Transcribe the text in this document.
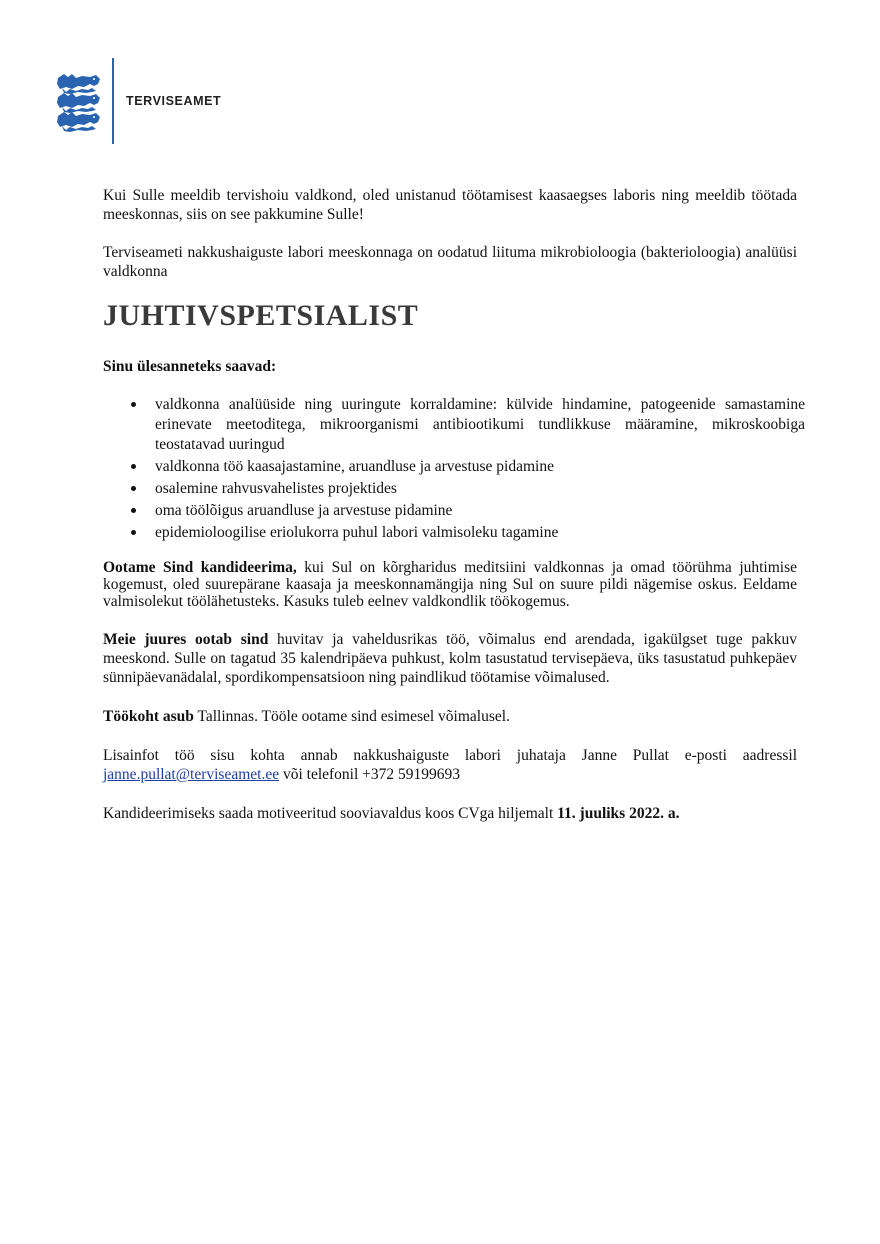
TERVISEAMET

Kui Sulle meeldib tervishoiu valdkond, oled unistanud töötamisest kaasaegses laboris ning meeldib töötada meeskonnas, siis on see pakkumine Sulle!

Terviseameti nakkushaiguste labori meeskonnaga on oodatud liituma mikrobioloogia (bakterioloogia) analüüsi valdkonna

JUHTIVSPETSIALIST

Sinu ülesanneteks saavad:

valdkonna analüüside ning uuringute korraldamine: külvide hindamine, patogeenide samastamine erinevate meetoditega, mikroorganismi antibiootikumi tundlikkuse määramine, mikroskoobiga teostatavad uuringud
valdkonna töö kaasajastamine, aruandluse ja arvestuse pidamine
osalemine rahvusvahelistes projektides
oma töölõigus aruandluse ja arvestuse pidamine
epidemioloogilise eriolukorra puhul labori valmisoleku tagamine

Ootame Sind kandideerima, kui Sul on kõrgharidus meditsiini valdkonnas ja omad töörühma juhtimise kogemust, oled suurepärane kaasaja ja meeskonnamängija ning Sul on suure pildi nägemise oskus. Eeldame valmisolekut töölähetusteks. Kasuks tuleb eelnev valdkondlik töökogemus.

Meie juures ootab sind huvitav ja vaheldusrikas töö, võimalus end arendada, igakülgset tuge pakkuv meeskond. Sulle on tagatud 35 kalendripäeva puhkust, kolm tasustatud tervisepäeva, üks tasustatud puhkepäev sünnipäevanädalal, spordikompensatsioon ning paindlikud töötamise võimalused.

Töökoht asub Tallinnas. Tööle ootame sind esimesel võimalusel.

Lisainfot töö sisu kohta annab nakkushaiguste labori juhataja Janne Pullat e-posti aadressil janne.pullat@terviseamet.ee või telefonil +372 59199693

Kandideerimiseks saada motiveeritud sooviavaldus koos CVga hiljemalt 11. juuliks 2022. a.
